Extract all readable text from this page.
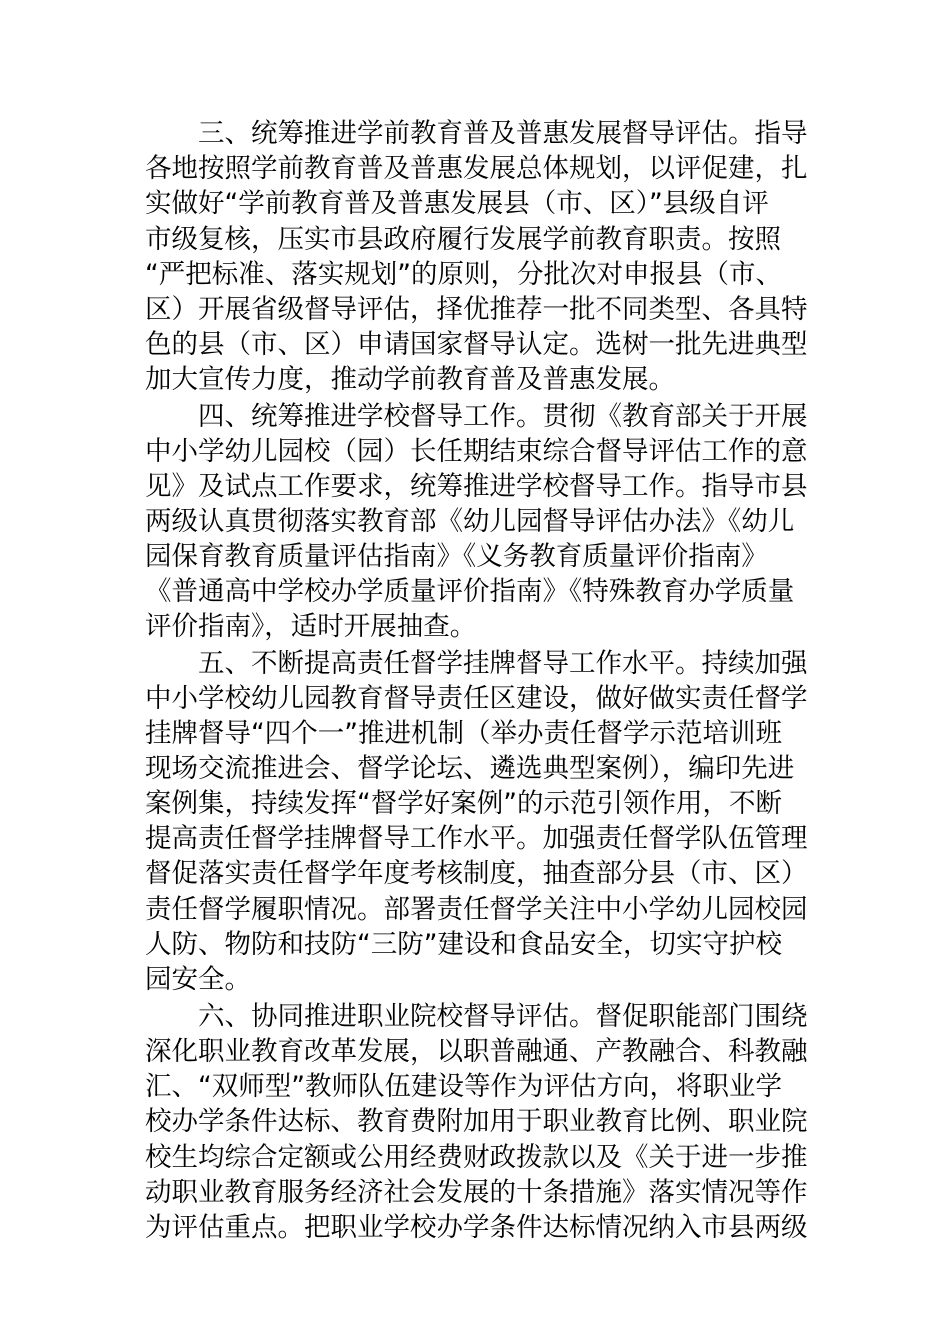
　　三、统筹推进学前教育普及普惠发展督导评估。指导
各地按照学前教育普及普惠发展总体规划，以评促建，扎
实做好“学前教育普及普惠发展县（市、区）”县级自评
市级复核，压实市县政府履行发展学前教育职责。按照
“严把标准、落实规划”的原则，分批次对申报县（市、
区）开展省级督导评估，择优推荐一批不同类型、各具特
色的县（市、区）申请国家督导认定。选树一批先进典型
加大宣传力度，推动学前教育普及普惠发展。
　　四、统筹推进学校督导工作。贯彻《教育部关于开展
中小学幼儿园校（园）长任期结束综合督导评估工作的意
见》及试点工作要求，统筹推进学校督导工作。指导市县
两级认真贯彻落实教育部《幼儿园督导评估办法》《幼儿
园保育教育质量评估指南》《义务教育质量评价指南》
《普通高中学校办学质量评价指南》《特殊教育办学质量
评价指南》，适时开展抽查。
　　五、不断提高责任督学挂牌督导工作水平。持续加强
中小学校幼儿园教育督导责任区建设，做好做实责任督学
挂牌督导“四个一”推进机制（举办责任督学示范培训班
现场交流推进会、督学论坛、遴选典型案例），编印先进
案例集，持续发挥“督学好案例”的示范引领作用，不断
提高责任督学挂牌督导工作水平。加强责任督学队伍管理
督促落实责任督学年度考核制度，抽查部分县（市、区）
责任督学履职情况。部署责任督学关注中小学幼儿园校园
人防、物防和技防“三防”建设和食品安全，切实守护校
园安全。
　　六、协同推进职业院校督导评估。督促职能部门围绕
深化职业教育改革发展，以职普融通、产教融合、科教融
汇、“双师型”教师队伍建设等作为评估方向，将职业学
校办学条件达标、教育费附加用于职业教育比例、职业院
校生均综合定额或公用经费财政拨款以及《关于进一步推
动职业教育服务经济社会发展的十条措施》落实情况等作
为评估重点。把职业学校办学条件达标情况纳入市县两级
